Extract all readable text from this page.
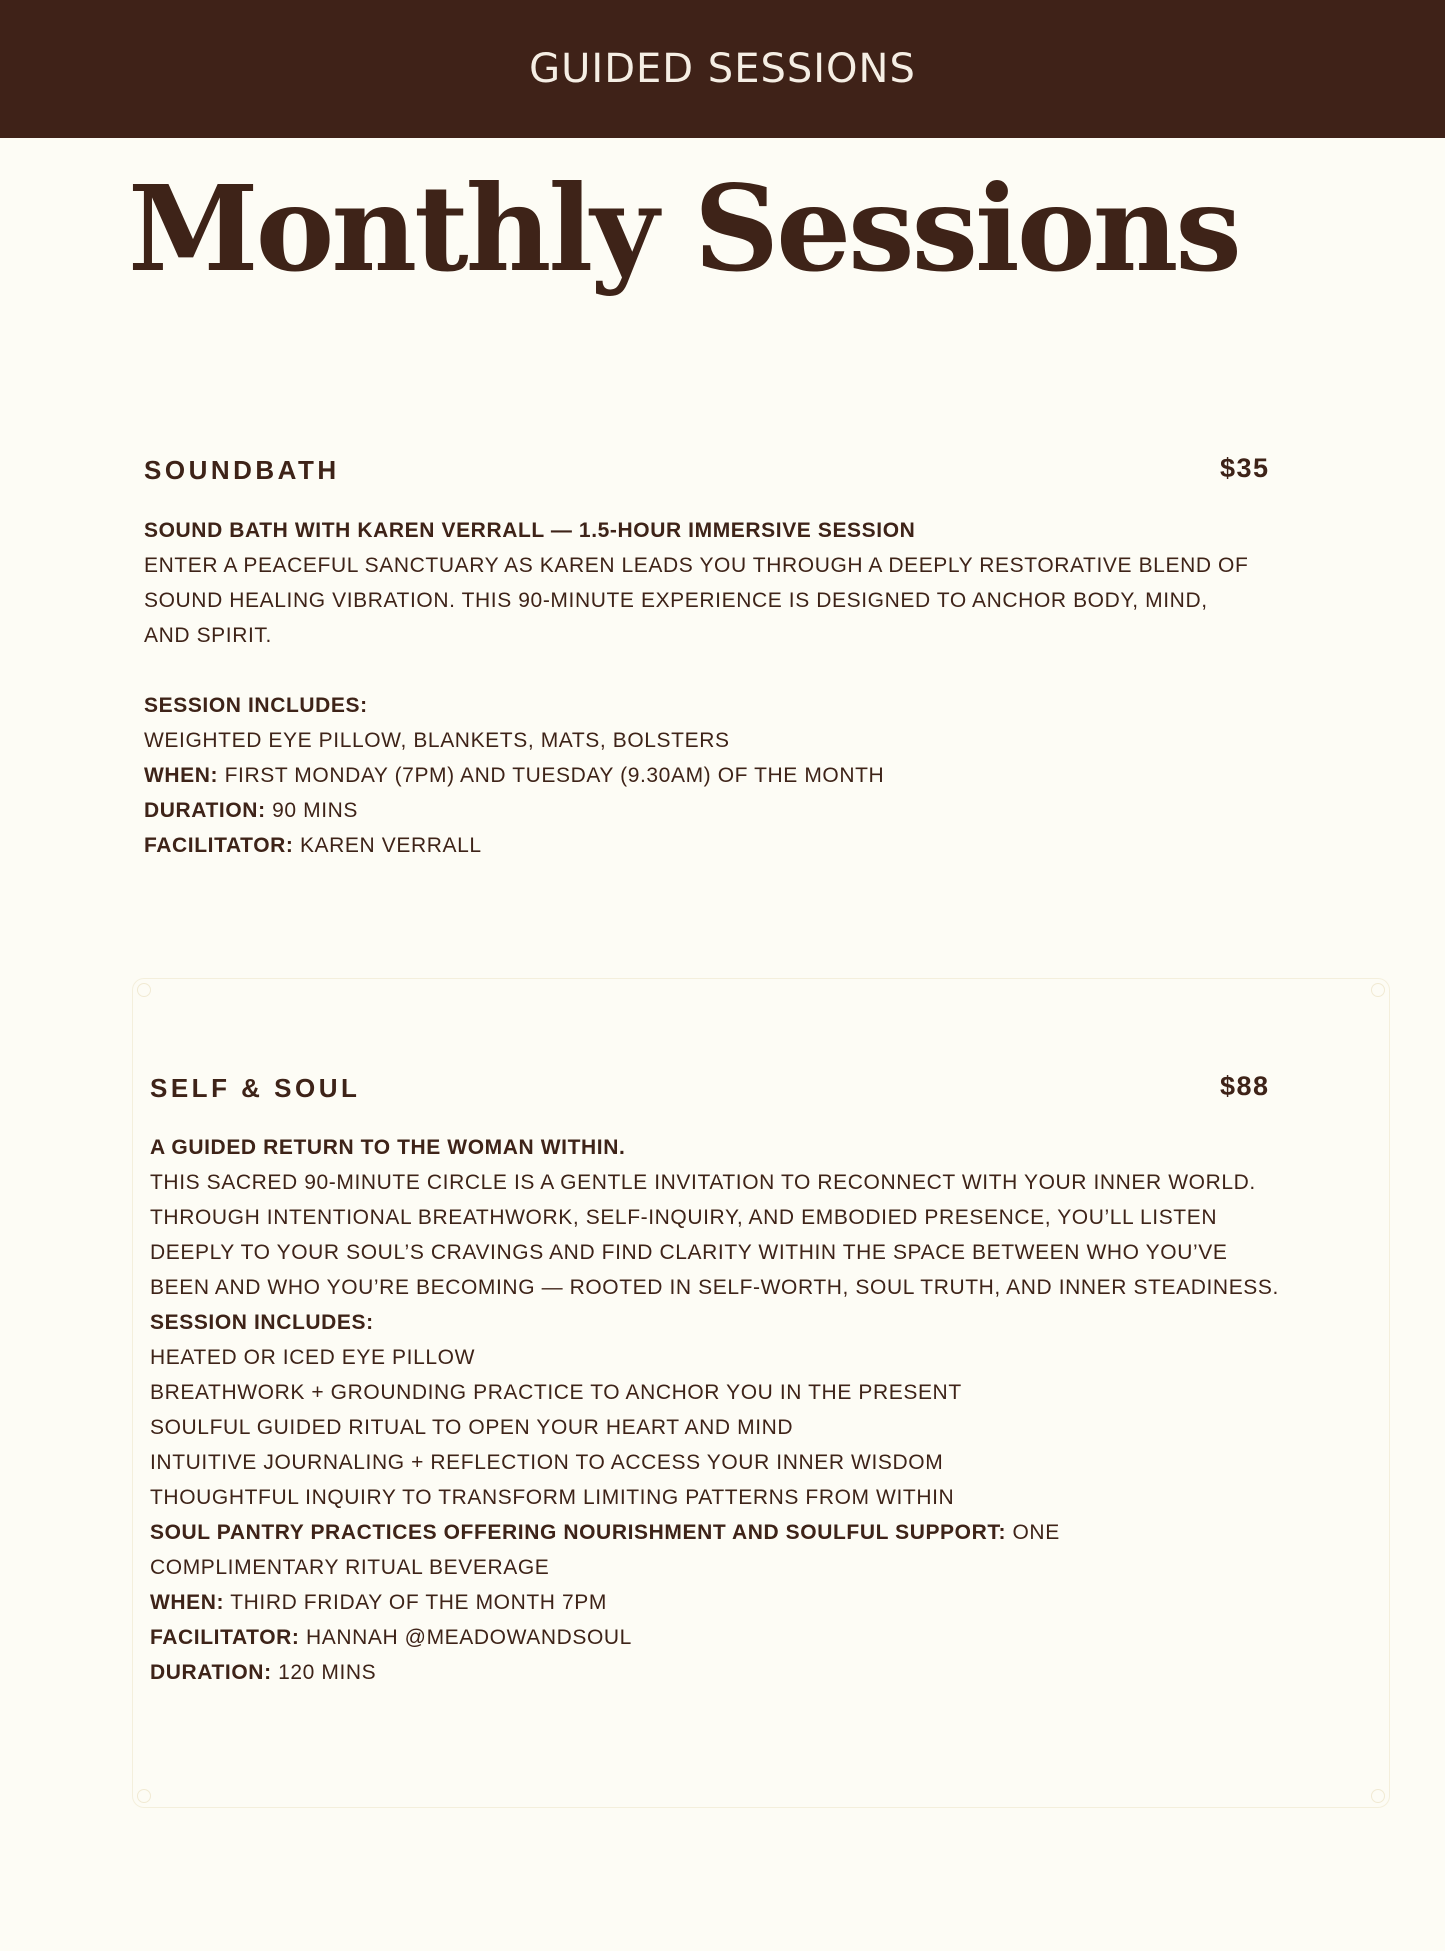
GUIDED SESSIONS
Monthly Sessions
SOUNDBATH	$35
SOUND BATH WITH KAREN VERRALL — 1.5-HOUR IMMERSIVE SESSION
ENTER A PEACEFUL SANCTUARY AS KAREN LEADS YOU THROUGH A DEEPLY RESTORATIVE BLEND OF
SOUND HEALING VIBRATION. THIS 90-MINUTE EXPERIENCE IS DESIGNED TO ANCHOR BODY, MIND,
AND SPIRIT.
SESSION INCLUDES:
WEIGHTED EYE PILLOW, BLANKETS, MATS, BOLSTERS
WHEN: FIRST MONDAY (7PM) AND TUESDAY (9.30AM) OF THE MONTH
DURATION: 90 MINS
FACILITATOR: KAREN VERRALL
SELF & SOUL	$88
A GUIDED RETURN TO THE WOMAN WITHIN.
THIS SACRED 90-MINUTE CIRCLE IS A GENTLE INVITATION TO RECONNECT WITH YOUR INNER WORLD.
THROUGH INTENTIONAL BREATHWORK, SELF-INQUIRY, AND EMBODIED PRESENCE, YOU’LL LISTEN
DEEPLY TO YOUR SOUL’S CRAVINGS AND FIND CLARITY WITHIN THE SPACE BETWEEN WHO YOU’VE
BEEN AND WHO YOU’RE BECOMING — ROOTED IN SELF-WORTH, SOUL TRUTH, AND INNER STEADINESS.
SESSION INCLUDES:
HEATED OR ICED EYE PILLOW
BREATHWORK + GROUNDING PRACTICE TO ANCHOR YOU IN THE PRESENT
SOULFUL GUIDED RITUAL TO OPEN YOUR HEART AND MIND
INTUITIVE JOURNALING + REFLECTION TO ACCESS YOUR INNER WISDOM
THOUGHTFUL INQUIRY TO TRANSFORM LIMITING PATTERNS FROM WITHIN
SOUL PANTRY PRACTICES OFFERING NOURISHMENT AND SOULFUL SUPPORT: ONE
COMPLIMENTARY RITUAL BEVERAGE
WHEN: THIRD FRIDAY OF THE MONTH 7PM
FACILITATOR: HANNAH @MEADOWANDSOUL
DURATION: 120 MINS
